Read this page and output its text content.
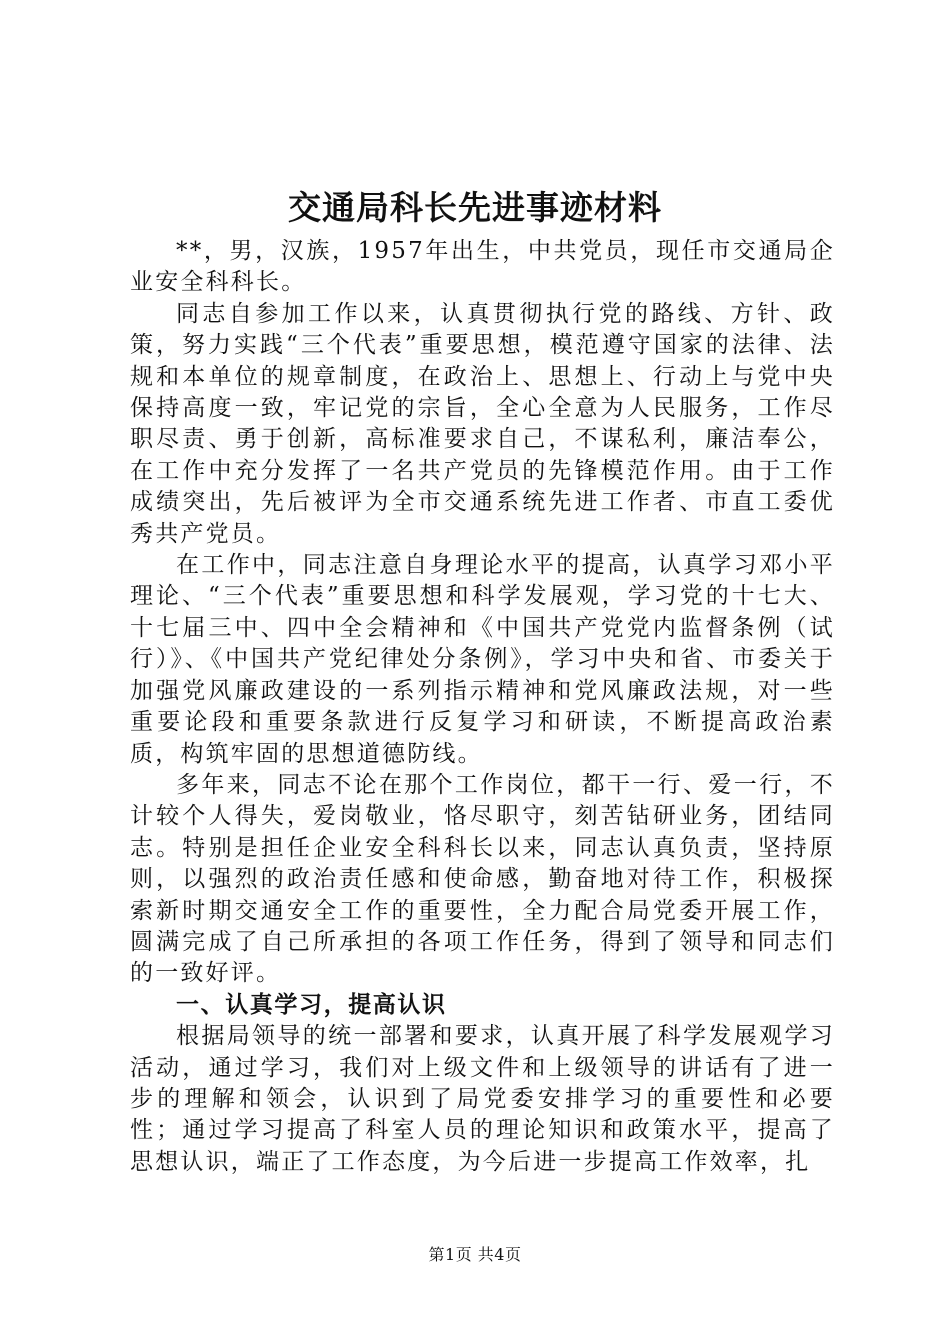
交通局科长先进事迹材料

**，男，汉族，1957年出生，中共党员，现任市交通局企业安全科科长。

同志自参加工作以来，认真贯彻执行党的路线、方针、政策，努力实践“三个代表”重要思想，模范遵守国家的法律、法规和本单位的规章制度，在政治上、思想上、行动上与党中央保持高度一致，牢记党的宗旨，全心全意为人民服务，工作尽职尽责、勇于创新，高标准要求自己，不谋私利，廉洁奉公，在工作中充分发挥了一名共产党员的先锋模范作用。由于工作成绩突出，先后被评为全市交通系统先进工作者、市直工委优秀共产党员。

在工作中，同志注意自身理论水平的提高，认真学习邓小平理论、“三个代表”重要思想和科学发展观，学习党的十七大、十七届三中、四中全会精神和《中国共产党党内监督条例（试行）》、《中国共产党纪律处分条例》，学习中央和省、市委关于加强党风廉政建设的一系列指示精神和党风廉政法规，对一些重要论段和重要条款进行反复学习和研读，不断提高政治素质，构筑牢固的思想道德防线。

多年来，同志不论在那个工作岗位，都干一行、爱一行，不计较个人得失，爱岗敬业，恪尽职守，刻苦钻研业务，团结同志。特别是担任企业安全科科长以来，同志认真负责，坚持原则，以强烈的政治责任感和使命感，勤奋地对待工作，积极探索新时期交通安全工作的重要性，全力配合局党委开展工作，圆满完成了自己所承担的各项工作任务，得到了领导和同志们的一致好评。

一、认真学习，提高认识

根据局领导的统一部署和要求，认真开展了科学发展观学习活动，通过学习，我们对上级文件和上级领导的讲话有了进一步的理解和领会，认识到了局党委安排学习的重要性和必要性；通过学习提高了科室人员的理论知识和政策水平，提高了思想认识，端正了工作态度，为今后进一步提高工作效率，扎

第1页 共4页
